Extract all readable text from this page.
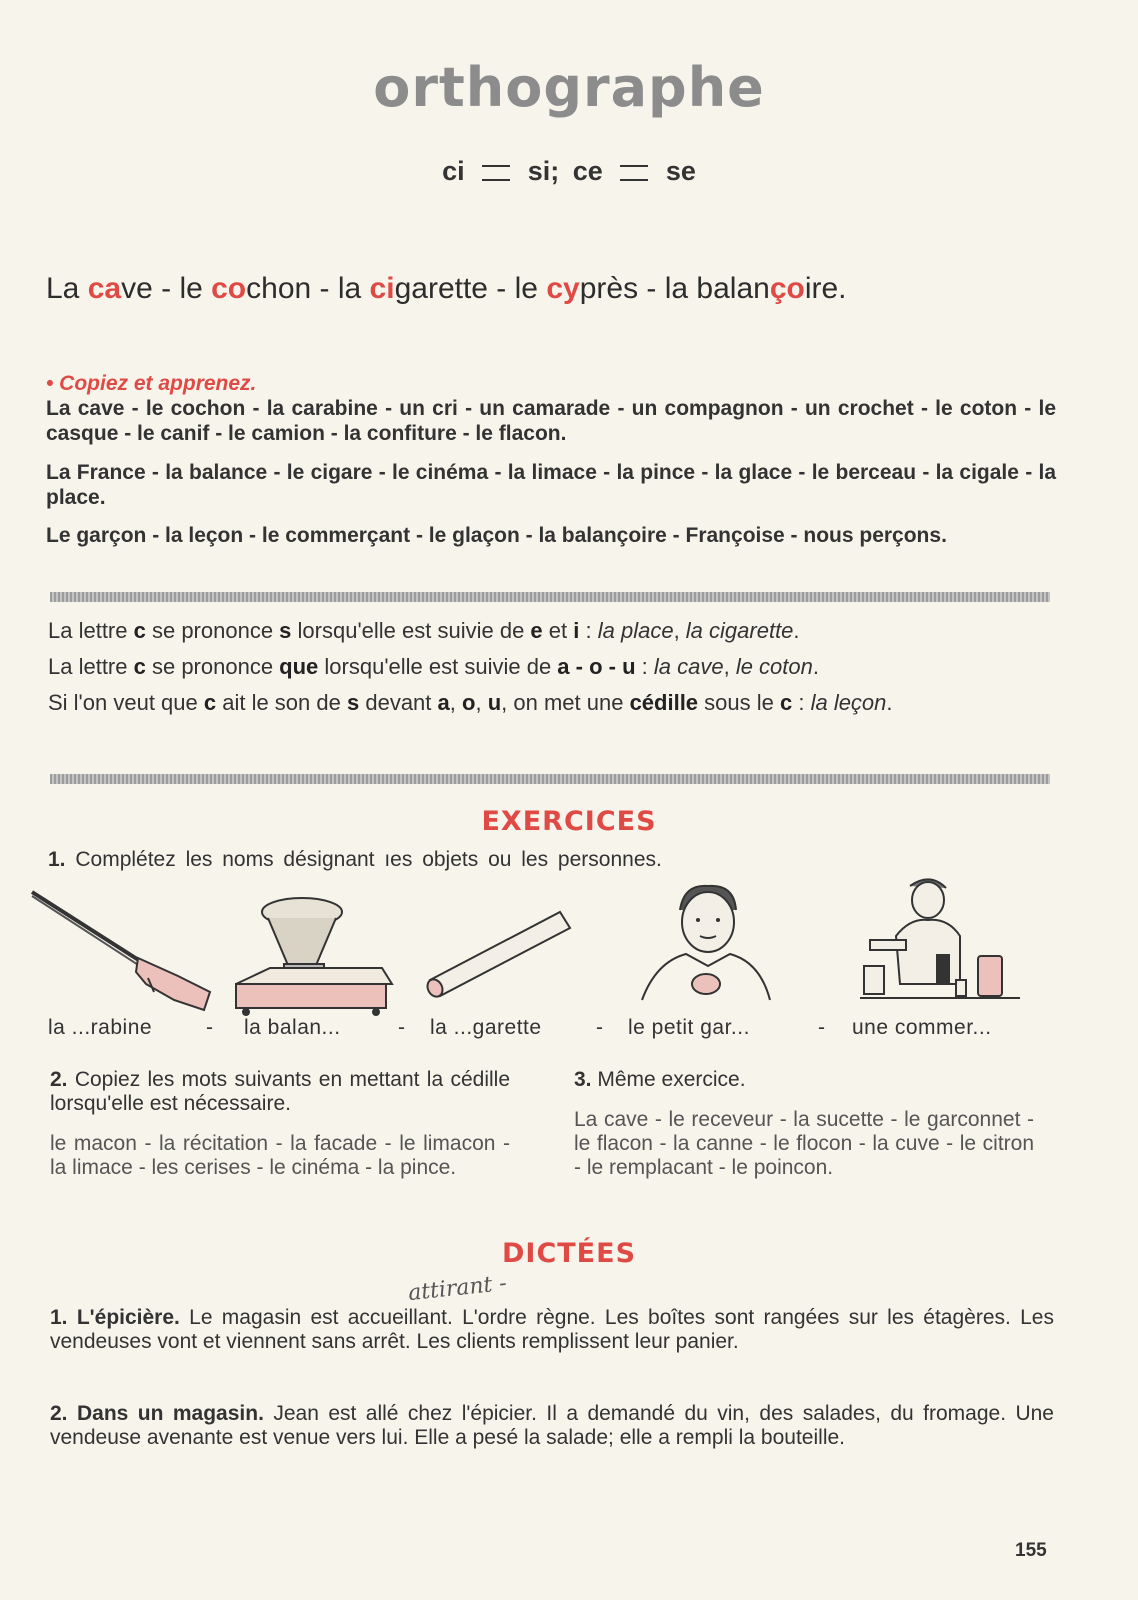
orthographe
ci si; ce se
La cave - le cochon - la cigarette - le cyprès - la balançoire.
• Copiez et apprenez.
La cave - le cochon - la carabine - un cri - un camarade - un compagnon - un crochet - le coton - le casque - le canif - le camion - la confiture - le flacon.
La France - la balance - le cigare - le cinéma - la limace - la pince - la glace - le berceau - la cigale - la place.
Le garçon - la leçon - le commerçant - le glaçon - la balançoire - Françoise - nous perçons.
La lettre c se prononce s lorsqu'elle est suivie de e et i : la place, la cigarette.
La lettre c se prononce que lorsqu'elle est suivie de a - o - u : la cave, le coton.
Si l'on veut que c ait le son de s devant a, o, u, on met une cédille sous le c : la leçon.
EXERCICES
1. Complétez les noms désignant ıes objets ou les personnes.
la ...rabine	- la balan...	- la ...garette	- le petit gar...	- une commer...
2. Copiez les mots suivants en mettant la cédille lorsqu'elle est nécessaire.
le macon - la récitation - la facade - le limacon - la limace - les cerises - le cinéma - la pince.
3. Même exercice.
La cave - le receveur - la sucette - le garconnet - le flacon - la canne - le flocon - la cuve - le citron - le remplacant - le poincon.
DICTÉES
attirant -
1. L'épicière. Le magasin est accueillant. L'ordre règne. Les boîtes sont rangées sur les étagères. Les vendeuses vont et viennent sans arrêt. Les clients remplissent leur panier.
2. Dans un magasin. Jean est allé chez l'épicier. Il a demandé du vin, des salades, du fromage. Une vendeuse avenante est venue vers lui. Elle a pesé la salade; elle a rempli la bouteille.
155
